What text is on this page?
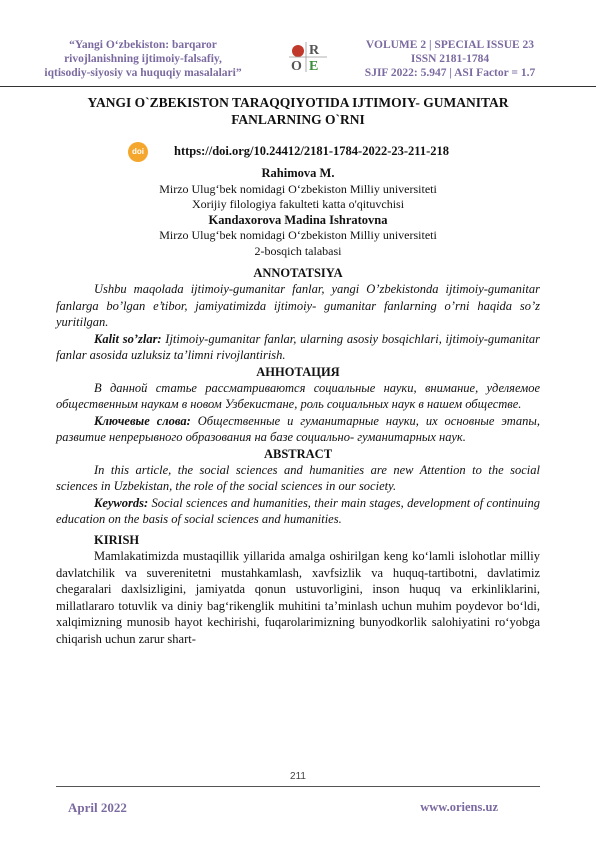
“Yangi O‘zbekiston: barqaror
rivojlanishning ijtimoiy-falsafiy,
iqtisodiy-siyosiy va huquqiy masalalari”
R
O E
VOLUME 2 | SPECIAL ISSUE 23
ISSN 2181-1784
SJIF 2022: 5.947 | ASI Factor = 1.7
YANGI O`ZBEKISTON TARAQQIYOTIDA IJTIMOIY- GUMANITAR
FANLARNING O`RNI
doi	https://doi.org/10.24412/2181-1784-2022-23-211-218
Rahimova M.
Mirzo Ulug‘bek nomidagi O‘zbekiston Milliy universiteti
Xorijiy filologiya fakulteti katta o'qituvchisi
Kandaxorova Madina Ishratovna
Mirzo Ulug‘bek nomidagi O‘zbekiston Milliy universiteti
2-bosqich talabasi
ANNOTATSIYA

Ushbu maqolada ijtimoiy-gumanitar fanlar, yangi O’zbekistonda ijtimoiy-gumanitar fanlarga bo’lgan e’tibor, jamiyatimizda ijtimoiy- gumanitar fanlarning o’rni haqida so’z yuritilgan.

Kalit so’zlar: Ijtimoiy-gumanitar fanlar, ularning asosiy bosqichlari, ijtimoiy-gumanitar fanlar asosida uzluksiz ta’limni rivojlantirish.

АННОТАЦИЯ

В данной статье рассматриваются социальные науки, внимание, уделяемое общественным наукам в новом Узбекистане, роль социальных наук в нашем обществе.

Ключевые слова: Общественные и гуманитарные науки, их основные этапы, развитие непрерывного образования на базе социально- гуманитарных наук.

ABSTRACT

In this article, the social sciences and humanities are new Attention to the social sciences in Uzbekistan, the role of the social sciences in our society.

Keywords: Social sciences and humanities, their main stages, development of continuing education on the basis of social sciences and humanities.

KIRISH

Mamlakatimizda mustaqillik yillarida amalga oshirilgan keng ko‘lamli islohotlar milliy davlatchilik va suverenitetni mustahkamlash, xavfsizlik va huquq-tartibotni, davlatimiz chegaralari daxlsizligini, jamiyatda qonun ustuvorligini, inson huquq va erkinliklarini, millatlararo totuvlik va diniy bag‘rikenglik muhitini ta’minlash uchun muhim poydevor bo‘ldi, xalqimizning munosib hayot kechirishi, fuqarolarimizning bunyodkorlik salohiyatini ro‘yobga chiqarish uchun zarur shart-

211
April 2022	www.oriens.uz
